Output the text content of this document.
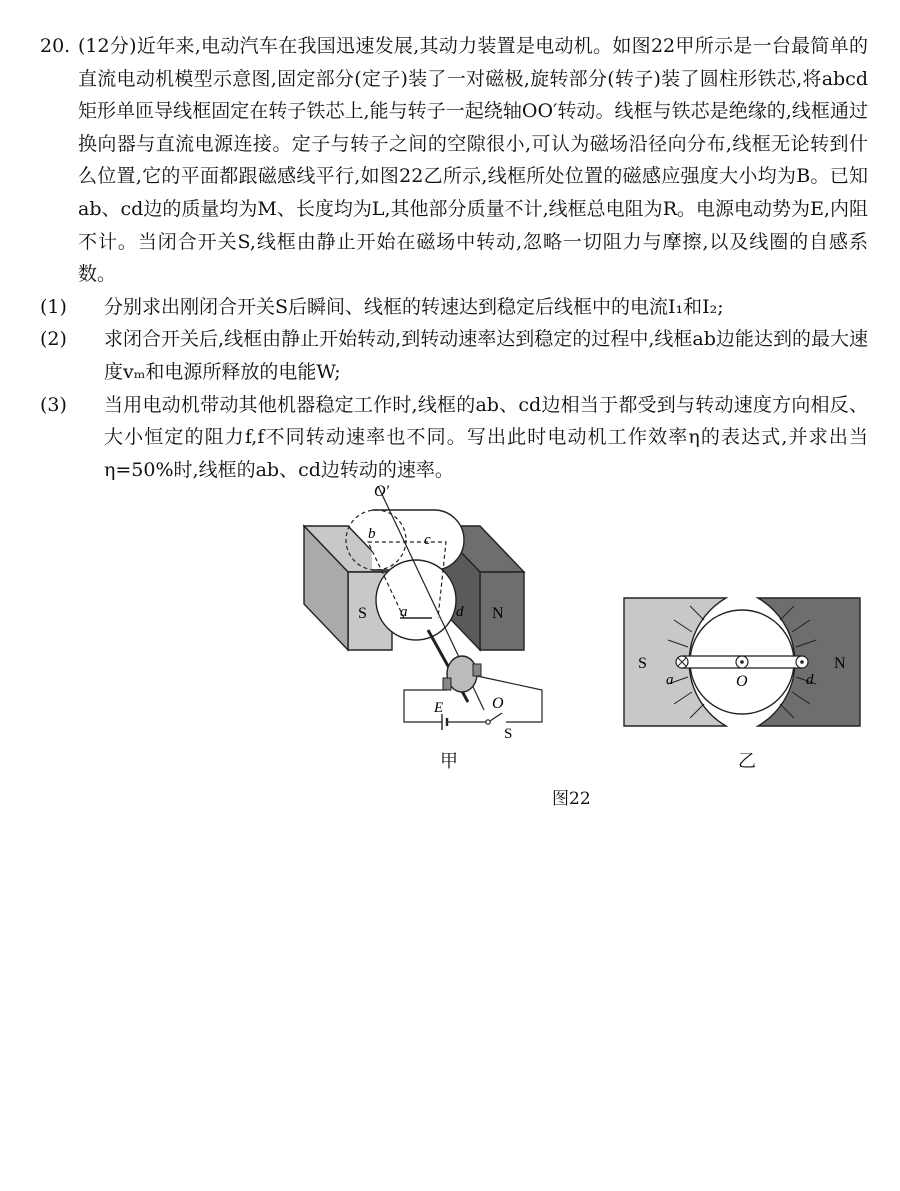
20. (12分)近年来,电动汽车在我国迅速发展,其动力装置是电动机。如图22甲所示是一台最简单的直流电动机模型示意图,固定部分(定子)装了一对磁极,旋转部分(转子)装了圆柱形铁芯,将abcd矩形单匝导线框固定在转子铁芯上,能与转子一起绕轴OO′转动。线框与铁芯是绝缘的,线框通过换向器与直流电源连接。定子与转子之间的空隙很小,可认为磁场沿径向分布,线框无论转到什么位置,它的平面都跟磁感线平行,如图22乙所示,线框所处位置的磁感应强度大小均为B。已知ab、cd边的质量均为M、长度均为L,其他部分质量不计,线框总电阻为R。电源电动势为E,内阻不计。当闭合开关S,线框由静止开始在磁场中转动,忽略一切阻力与摩擦,以及线圈的自感系数。

(1)	分别求出刚闭合开关S后瞬间、线框的转速达到稳定后线框中的电流I₁和I₂;
(2)	求闭合开关后,线框由静止开始转动,到转动速率达到稳定的过程中,线框ab边能达到的最大速度vₘ和电源所释放的电能W;
(3)	当用电动机带动其他机器稳定工作时,线框的ab、cd边相当于都受到与转动速度方向相反、大小恒定的阻力f,f不同转动速率也不同。写出此时电动机工作效率η的表达式,并求出当η=50%时,线框的ab、cd边转动的速率。
O′
O
b	c
a	d
S	N
E
S
甲
S	N
O
a	d
乙
图22
